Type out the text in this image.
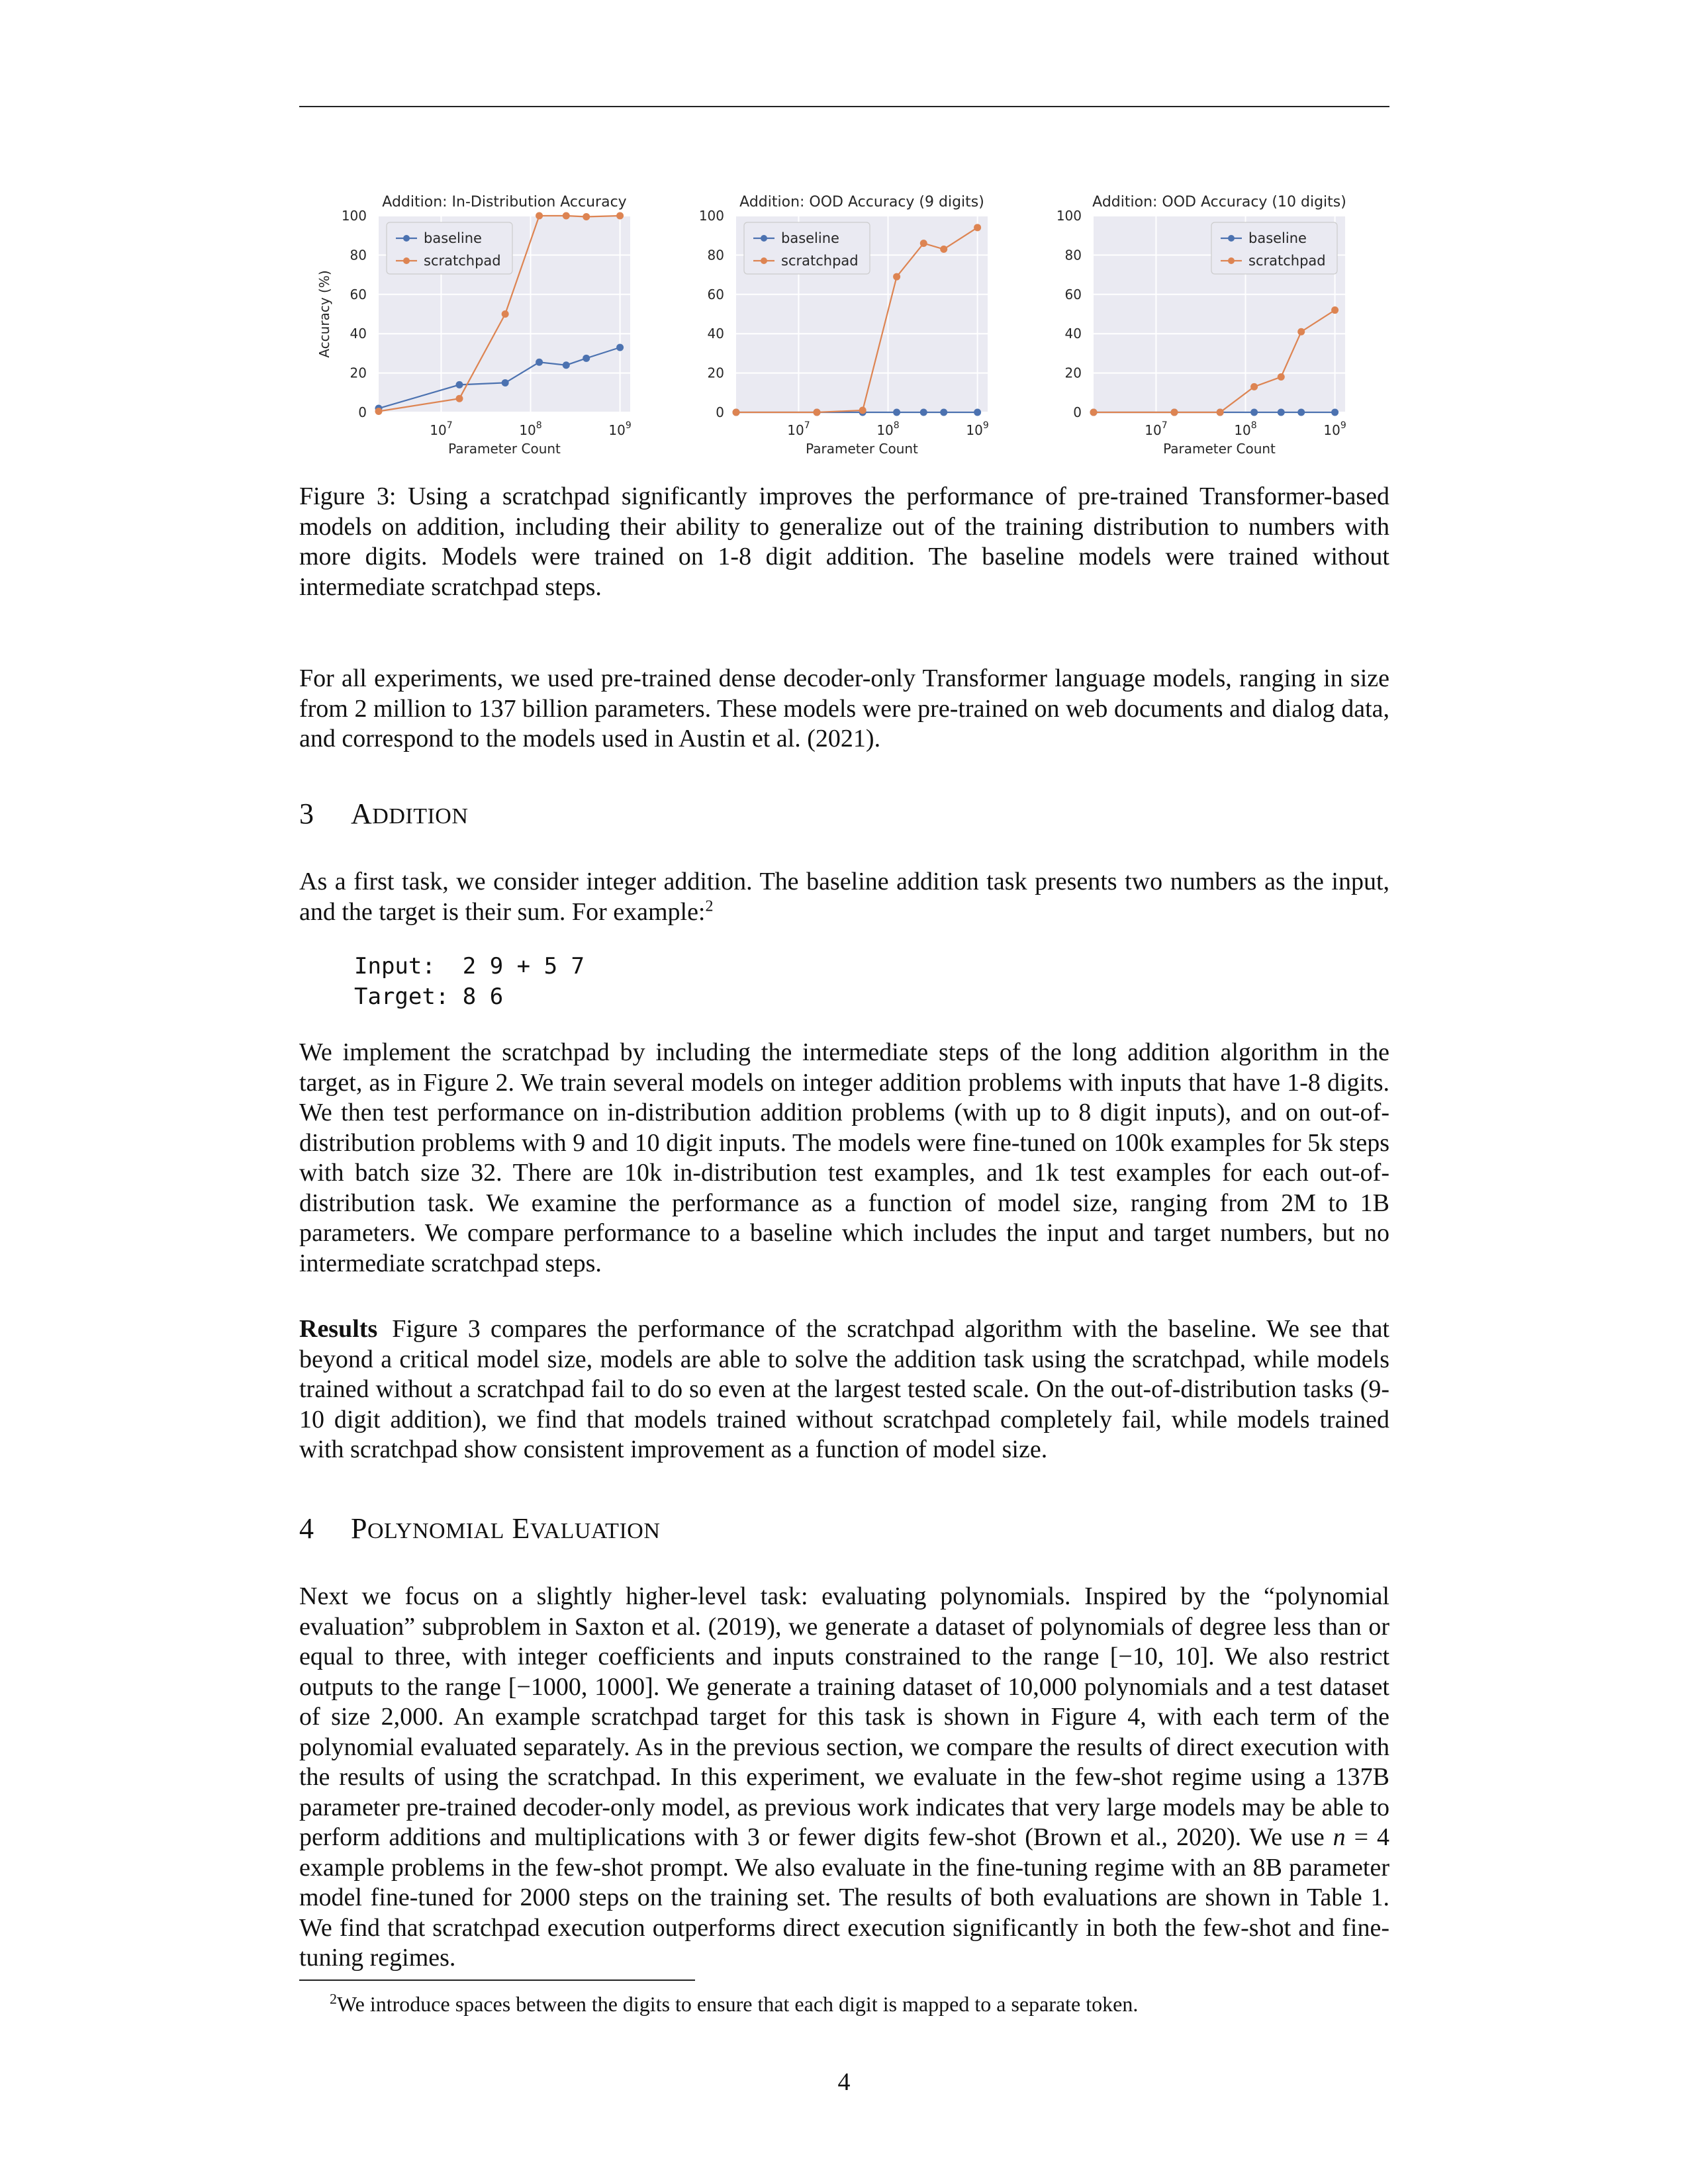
0
20
40
60
80
100
$10^7$	$10^8$	$10^9$
Addition: In-Distribution Accuracy
Parameter Count
Accuracy (%)
baseline
scratchpad
0
20
40
60
80
100
$10^7$	$10^8$	$10^9$
Addition: OOD Accuracy (9 digits)
Parameter Count
baseline
scratchpad
0
20
40
60
80
100
$10^7$	$10^8$	$10^9$
Addition: OOD Accuracy (10 digits)
Parameter Count
baseline
scratchpad
Figure 3: Using a scratchpad significantly improves the performance of pre-trained Transformer-based models on addition, including their ability to generalize out of the training distribution to numbers with more digits. Models were trained on 1-8 digit addition. The baseline models were trained without intermediate scratchpad steps.

For all experiments, we used pre-trained dense decoder-only Transformer language models, ranging in size from 2 million to 137 billion parameters. These models were pre-trained on web documents and dialog data, and correspond to the models used in Austin et al. (2021).

3 ADDITION

As a first task, we consider integer addition. The baseline addition task presents two numbers as the input, and the target is their sum. For example:$^2$

Input:  2 9 + 5 7
Target: 8 6

We implement the scratchpad by including the intermediate steps of the long addition algorithm in the target, as in Figure 2. We train several models on integer addition problems with inputs that have 1-8 digits. We then test performance on in-distribution addition problems (with up to 8 digit inputs), and on out-of-distribution problems with 9 and 10 digit inputs. The models were fine-tuned on 100k examples for 5k steps with batch size 32. There are 10k in-distribution test examples, and 1k test examples for each out-of-distribution task. We examine the performance as a function of model size, ranging from 2M to 1B parameters. We compare performance to a baseline which includes the input and target numbers, but no intermediate scratchpad steps.

Results Figure 3 compares the performance of the scratchpad algorithm with the baseline. We see that beyond a critical model size, models are able to solve the addition task using the scratchpad, while models trained without a scratchpad fail to do so even at the largest tested scale. On the out-of-distribution tasks (9-10 digit addition), we find that models trained without scratchpad completely fail, while models trained with scratchpad show consistent improvement as a function of model size.

4 POLYNOMIAL EVALUATION

Next we focus on a slightly higher-level task: evaluating polynomials. Inspired by the “polynomial evaluation” subproblem in Saxton et al. (2019), we generate a dataset of polynomials of degree less than or equal to three, with integer coefficients and inputs constrained to the range [−10, 10]. We also restrict outputs to the range [−1000, 1000]. We generate a training dataset of 10,000 polynomials and a test dataset of size 2,000. An example scratchpad target for this task is shown in Figure 4, with each term of the polynomial evaluated separately. As in the previous section, we compare the results of direct execution with the results of using the scratchpad. In this experiment, we evaluate in the few-shot regime using a 137B parameter pre-trained decoder-only model, as previous work indicates that very large models may be able to perform additions and multiplications with 3 or fewer digits few-shot (Brown et al., 2020). We use n = 4 example problems in the few-shot prompt. We also evaluate in the fine-tuning regime with an 8B parameter model fine-tuned for 2000 steps on the training set. The results of both evaluations are shown in Table 1. We find that scratchpad execution outperforms direct execution significantly in both the few-shot and fine-tuning regimes.

$^2$We introduce spaces between the digits to ensure that each digit is mapped to a separate token.
4
